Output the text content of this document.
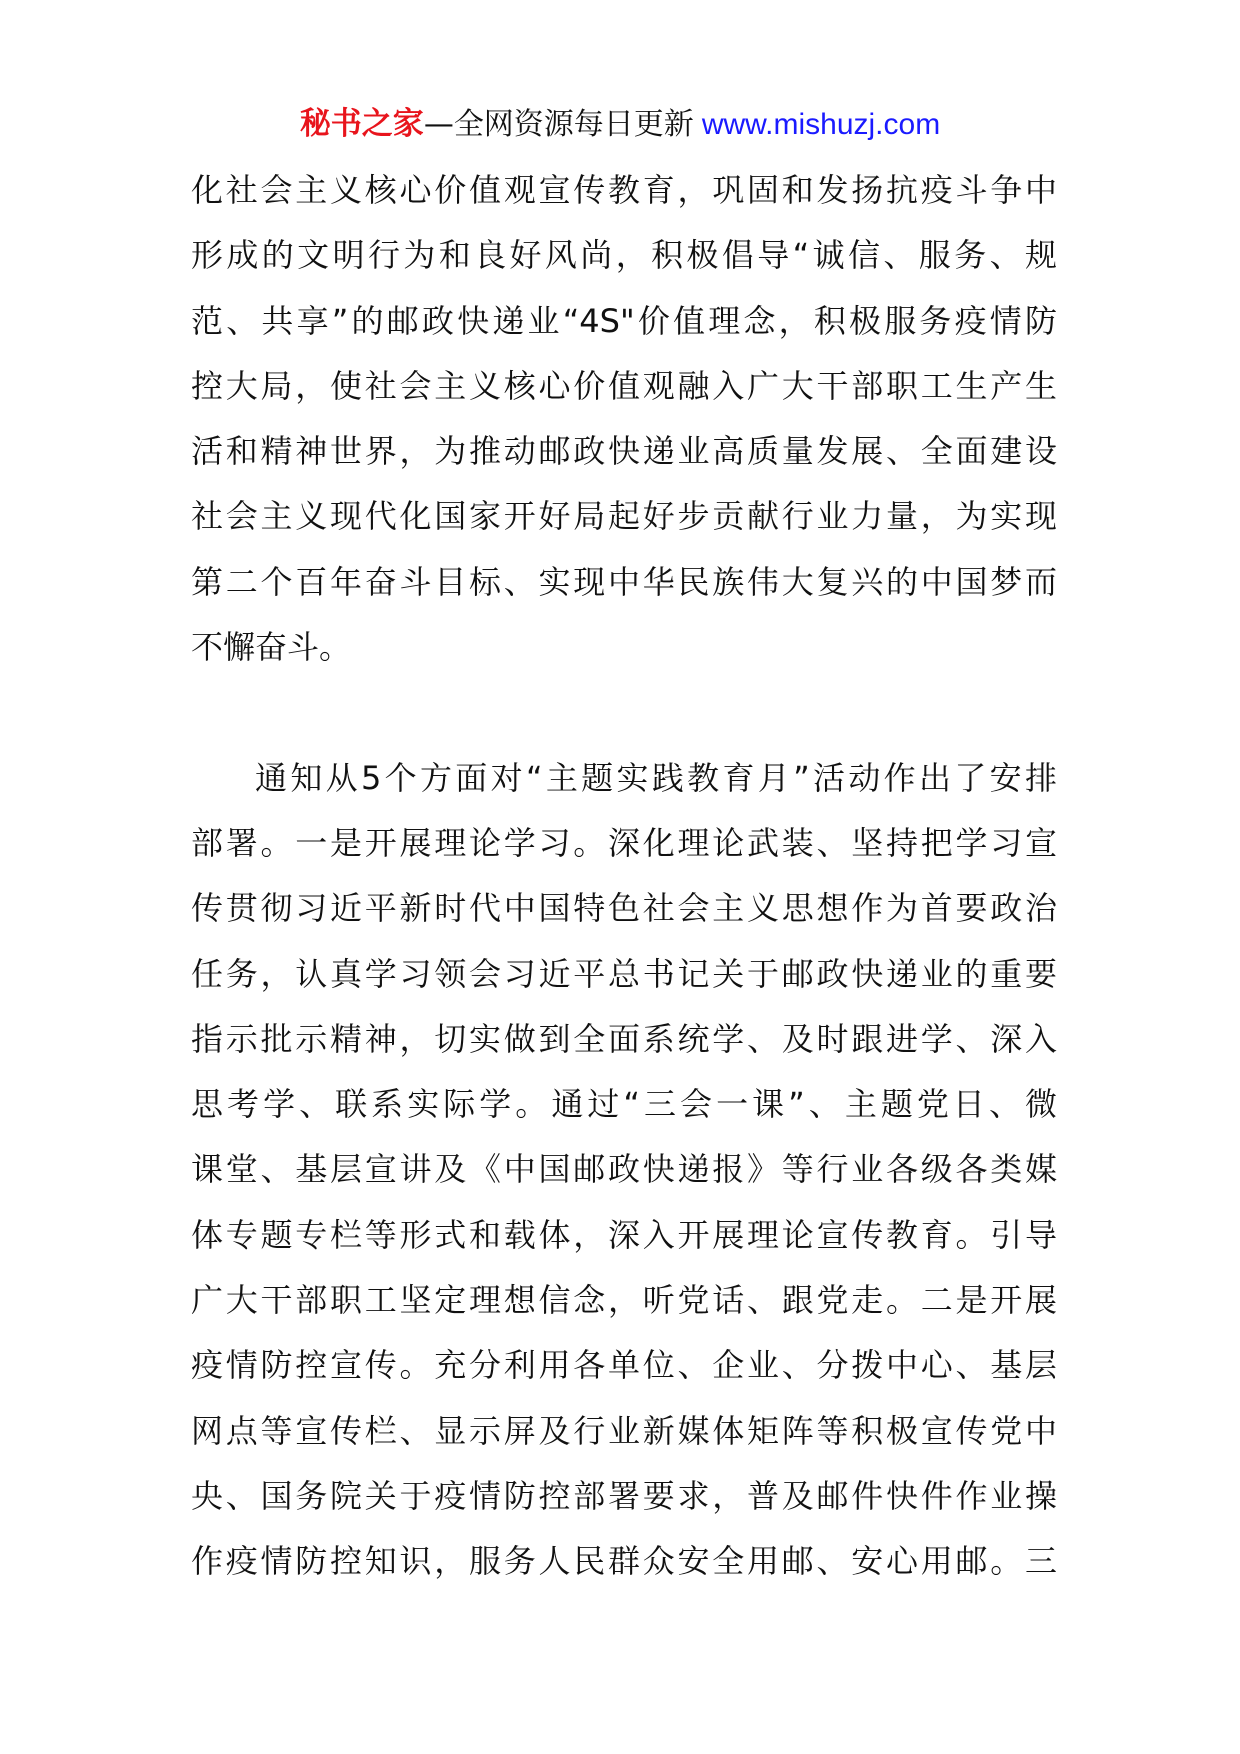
秘书之家—全网资源每日更新 www.mishuzj.com
化社会主义核心价值观宣传教育，巩固和发扬抗疫斗争中
形成的文明行为和良好风尚，积极倡导“诚信、服务、规
范、共享”的邮政快递业“4S"价值理念，积极服务疫情防
控大局，使社会主义核心价值观融入广大干部职工生产生
活和精神世界，为推动邮政快递业高质量发展、全面建设
社会主义现代化国家开好局起好步贡献行业力量，为实现
第二个百年奋斗目标、实现中华民族伟大复兴的中国梦而
不懈奋斗。
通知从5个方面对“主题实践教育月”活动作出了安排
部署。一是开展理论学习。深化理论武装、坚持把学习宣
传贯彻习近平新时代中国特色社会主义思想作为首要政治
任务，认真学习领会习近平总书记关于邮政快递业的重要
指示批示精神，切实做到全面系统学、及时跟进学、深入
思考学、联系实际学。通过“三会一课”、主题党日、微
课堂、基层宣讲及《中国邮政快递报》等行业各级各类媒
体专题专栏等形式和载体，深入开展理论宣传教育。引导
广大干部职工坚定理想信念，听党话、跟党走。二是开展
疫情防控宣传。充分利用各单位、企业、分拨中心、基层
网点等宣传栏、显示屏及行业新媒体矩阵等积极宣传党中
央、国务院关于疫情防控部署要求，普及邮件快件作业操
作疫情防控知识，服务人民群众安全用邮、安心用邮。三
